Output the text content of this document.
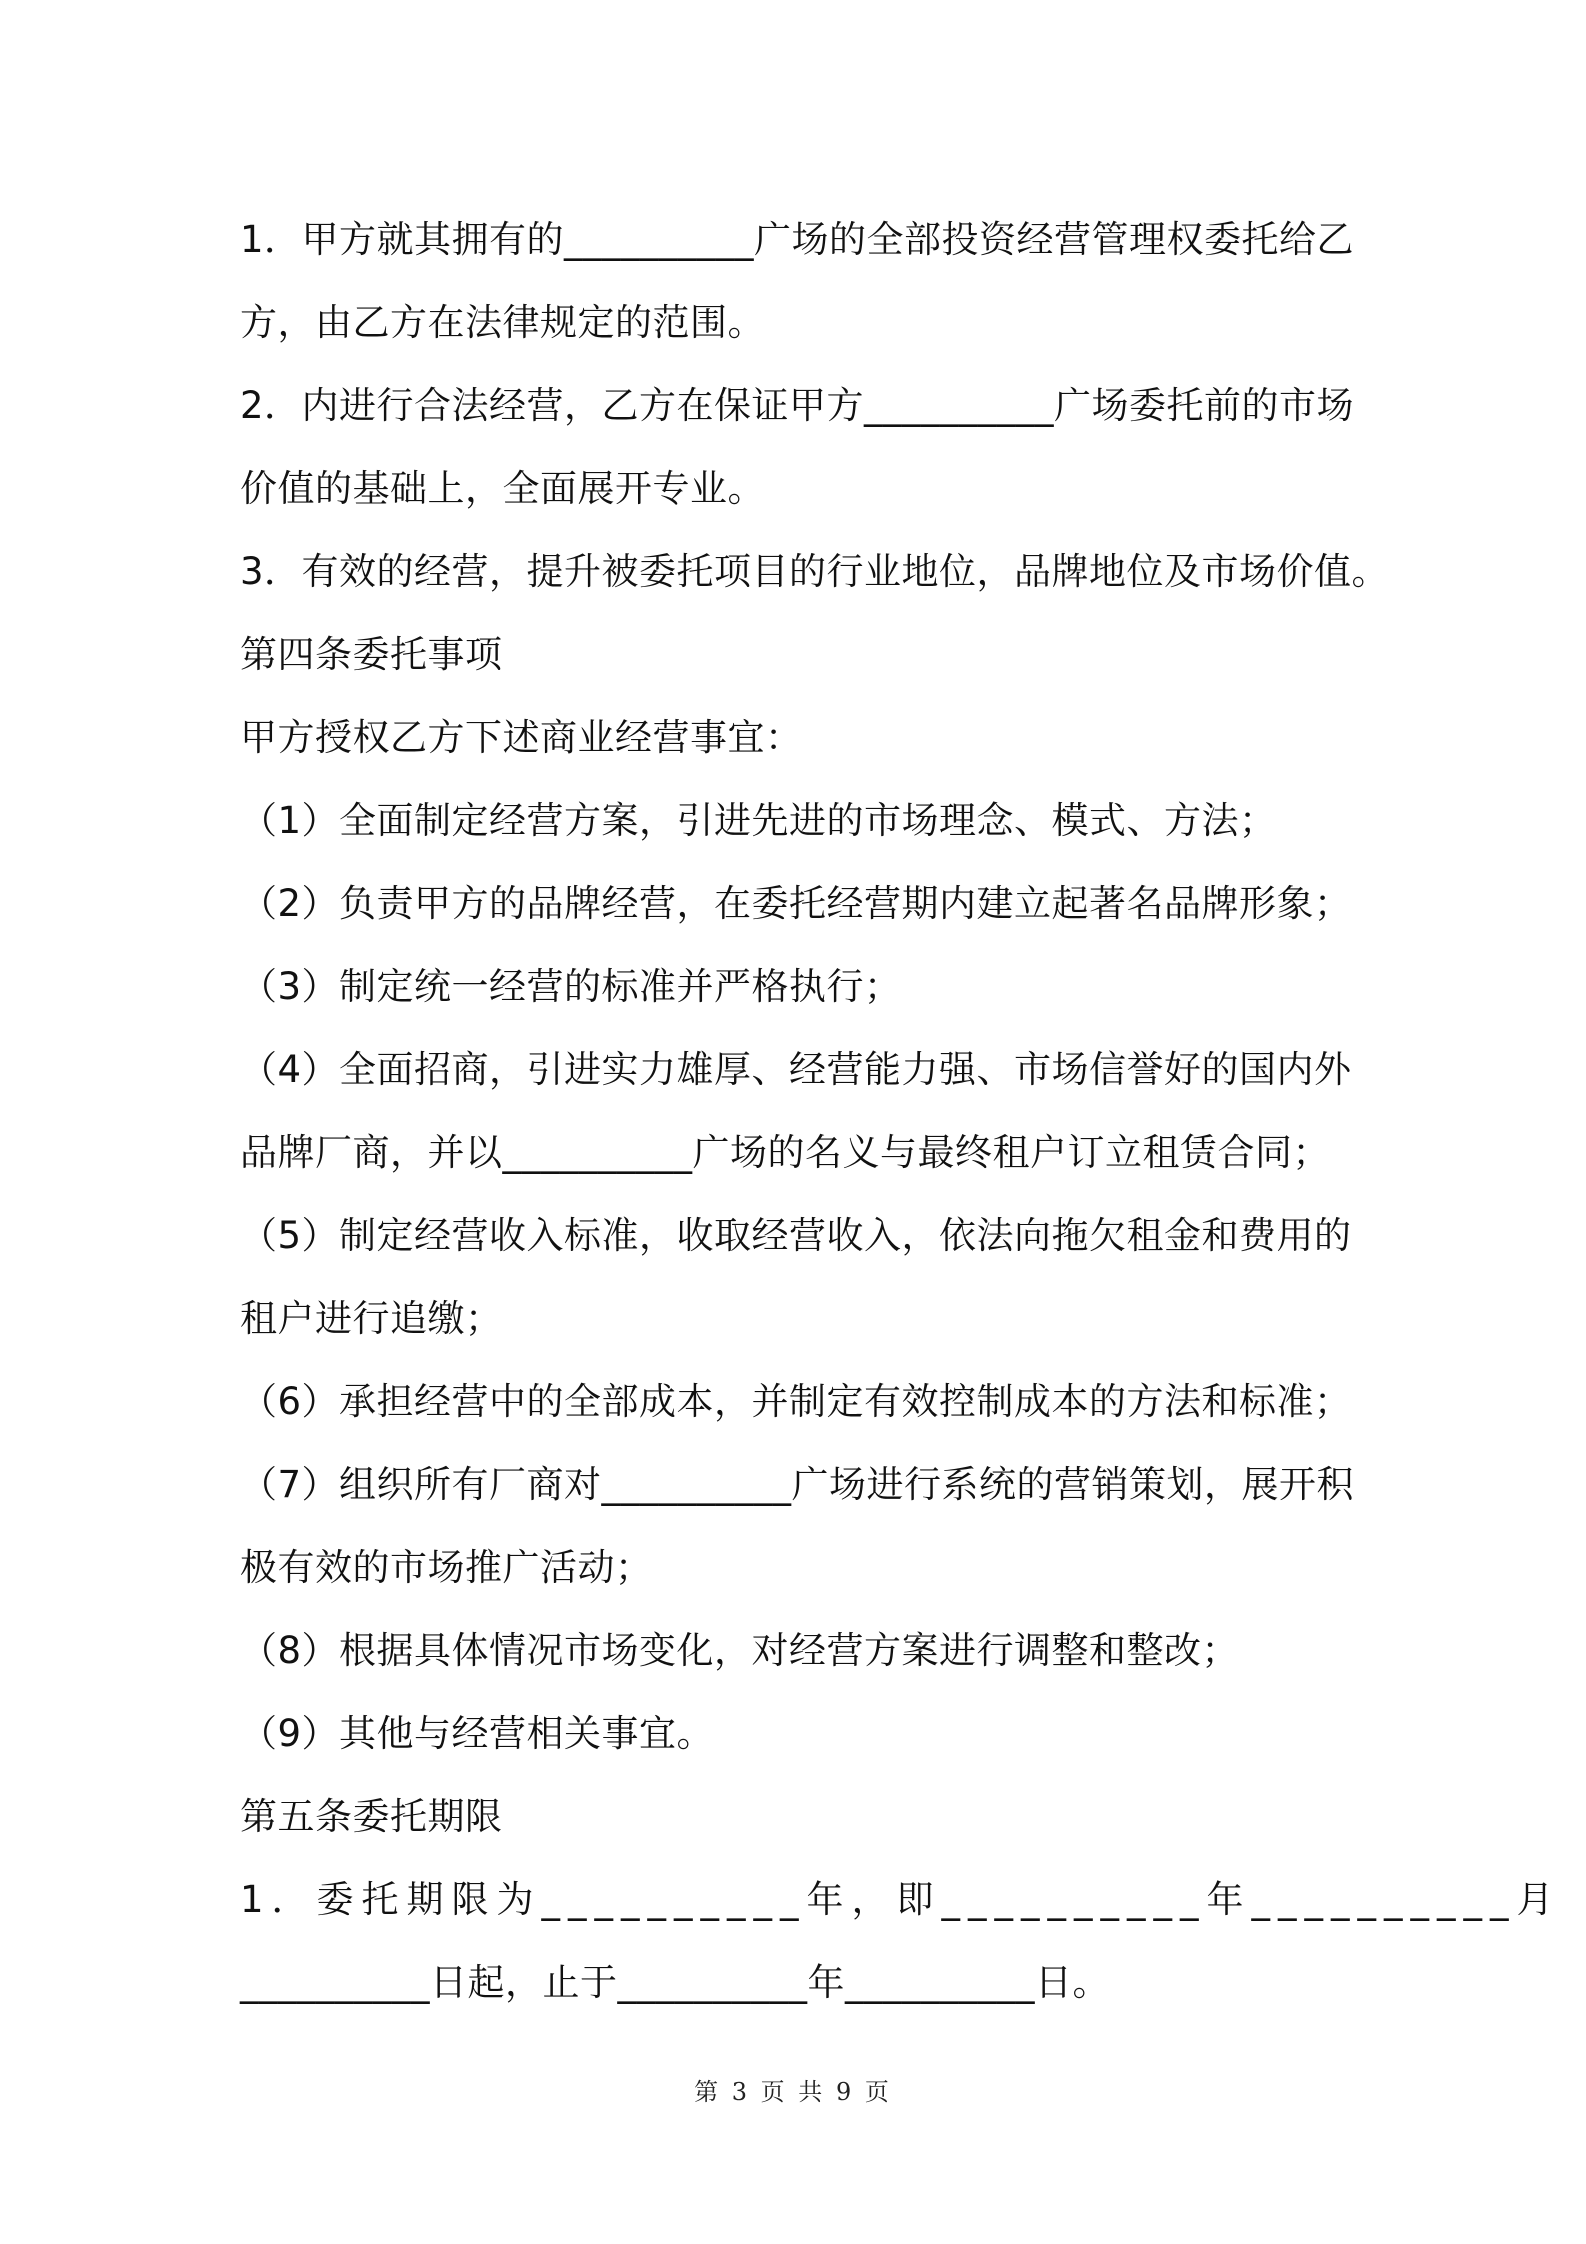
1．甲方就其拥有的__________广场的全部投资经营管理权委托给乙
方，由乙方在法律规定的范围。
2．内进行合法经营，乙方在保证甲方__________广场委托前的市场
价值的基础上，全面展开专业。
3．有效的经营，提升被委托项目的行业地位，品牌地位及市场价值。
第四条委托事项
甲方授权乙方下述商业经营事宜：
（1）全面制定经营方案，引进先进的市场理念、模式、方法；
（2）负责甲方的品牌经营，在委托经营期内建立起著名品牌形象；
（3）制定统一经营的标准并严格执行；
（4）全面招商，引进实力雄厚、经营能力强、市场信誉好的国内外
品牌厂商，并以__________广场的名义与最终租户订立租赁合同；
（5）制定经营收入标准，收取经营收入，依法向拖欠租金和费用的
租户进行追缴；
（6）承担经营中的全部成本，并制定有效控制成本的方法和标准；
（7）组织所有厂商对__________广场进行系统的营销策划，展开积
极有效的市场推广活动；
（8）根据具体情况市场变化，对经营方案进行调整和整改；
（9）其他与经营相关事宜。
第五条委托期限
1．委托期限为__________年，即__________年__________月
__________日起，止于__________年__________日。
第 3 页 共 9 页
